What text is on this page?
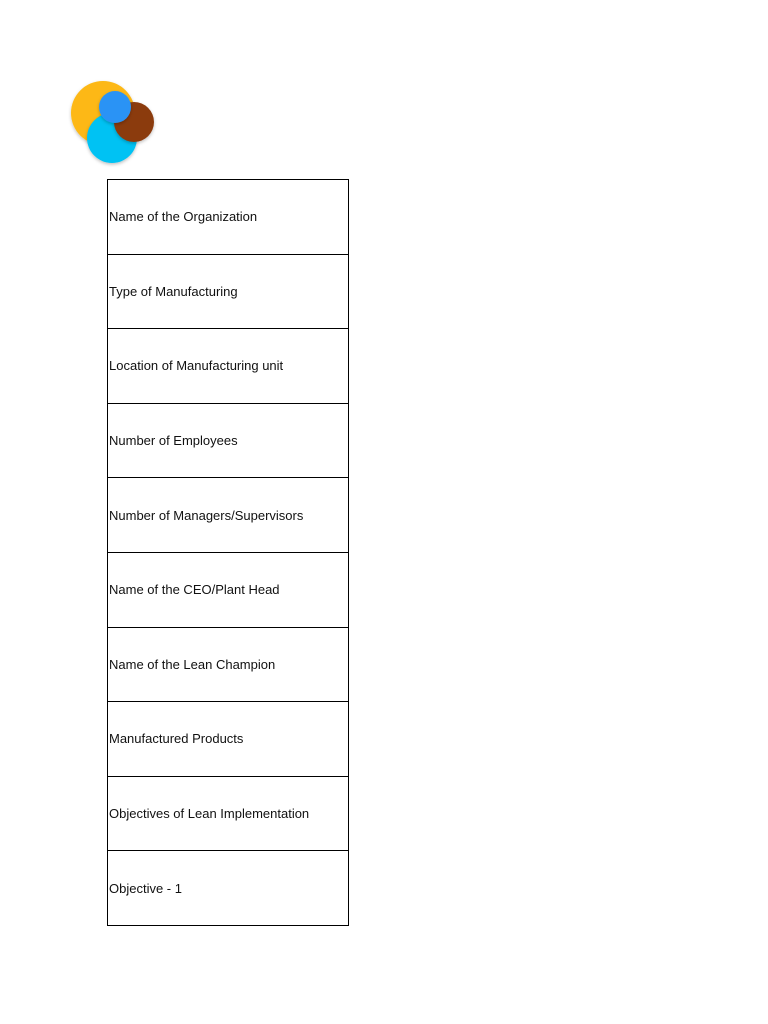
Name of the Organization
Type of Manufacturing
Location of Manufacturing unit
Number of Employees
Number of Managers/Supervisors
Name of the CEO/Plant Head
Name of the Lean Champion
Manufactured Products
Objectives of Lean Implementation
Objective - 1
